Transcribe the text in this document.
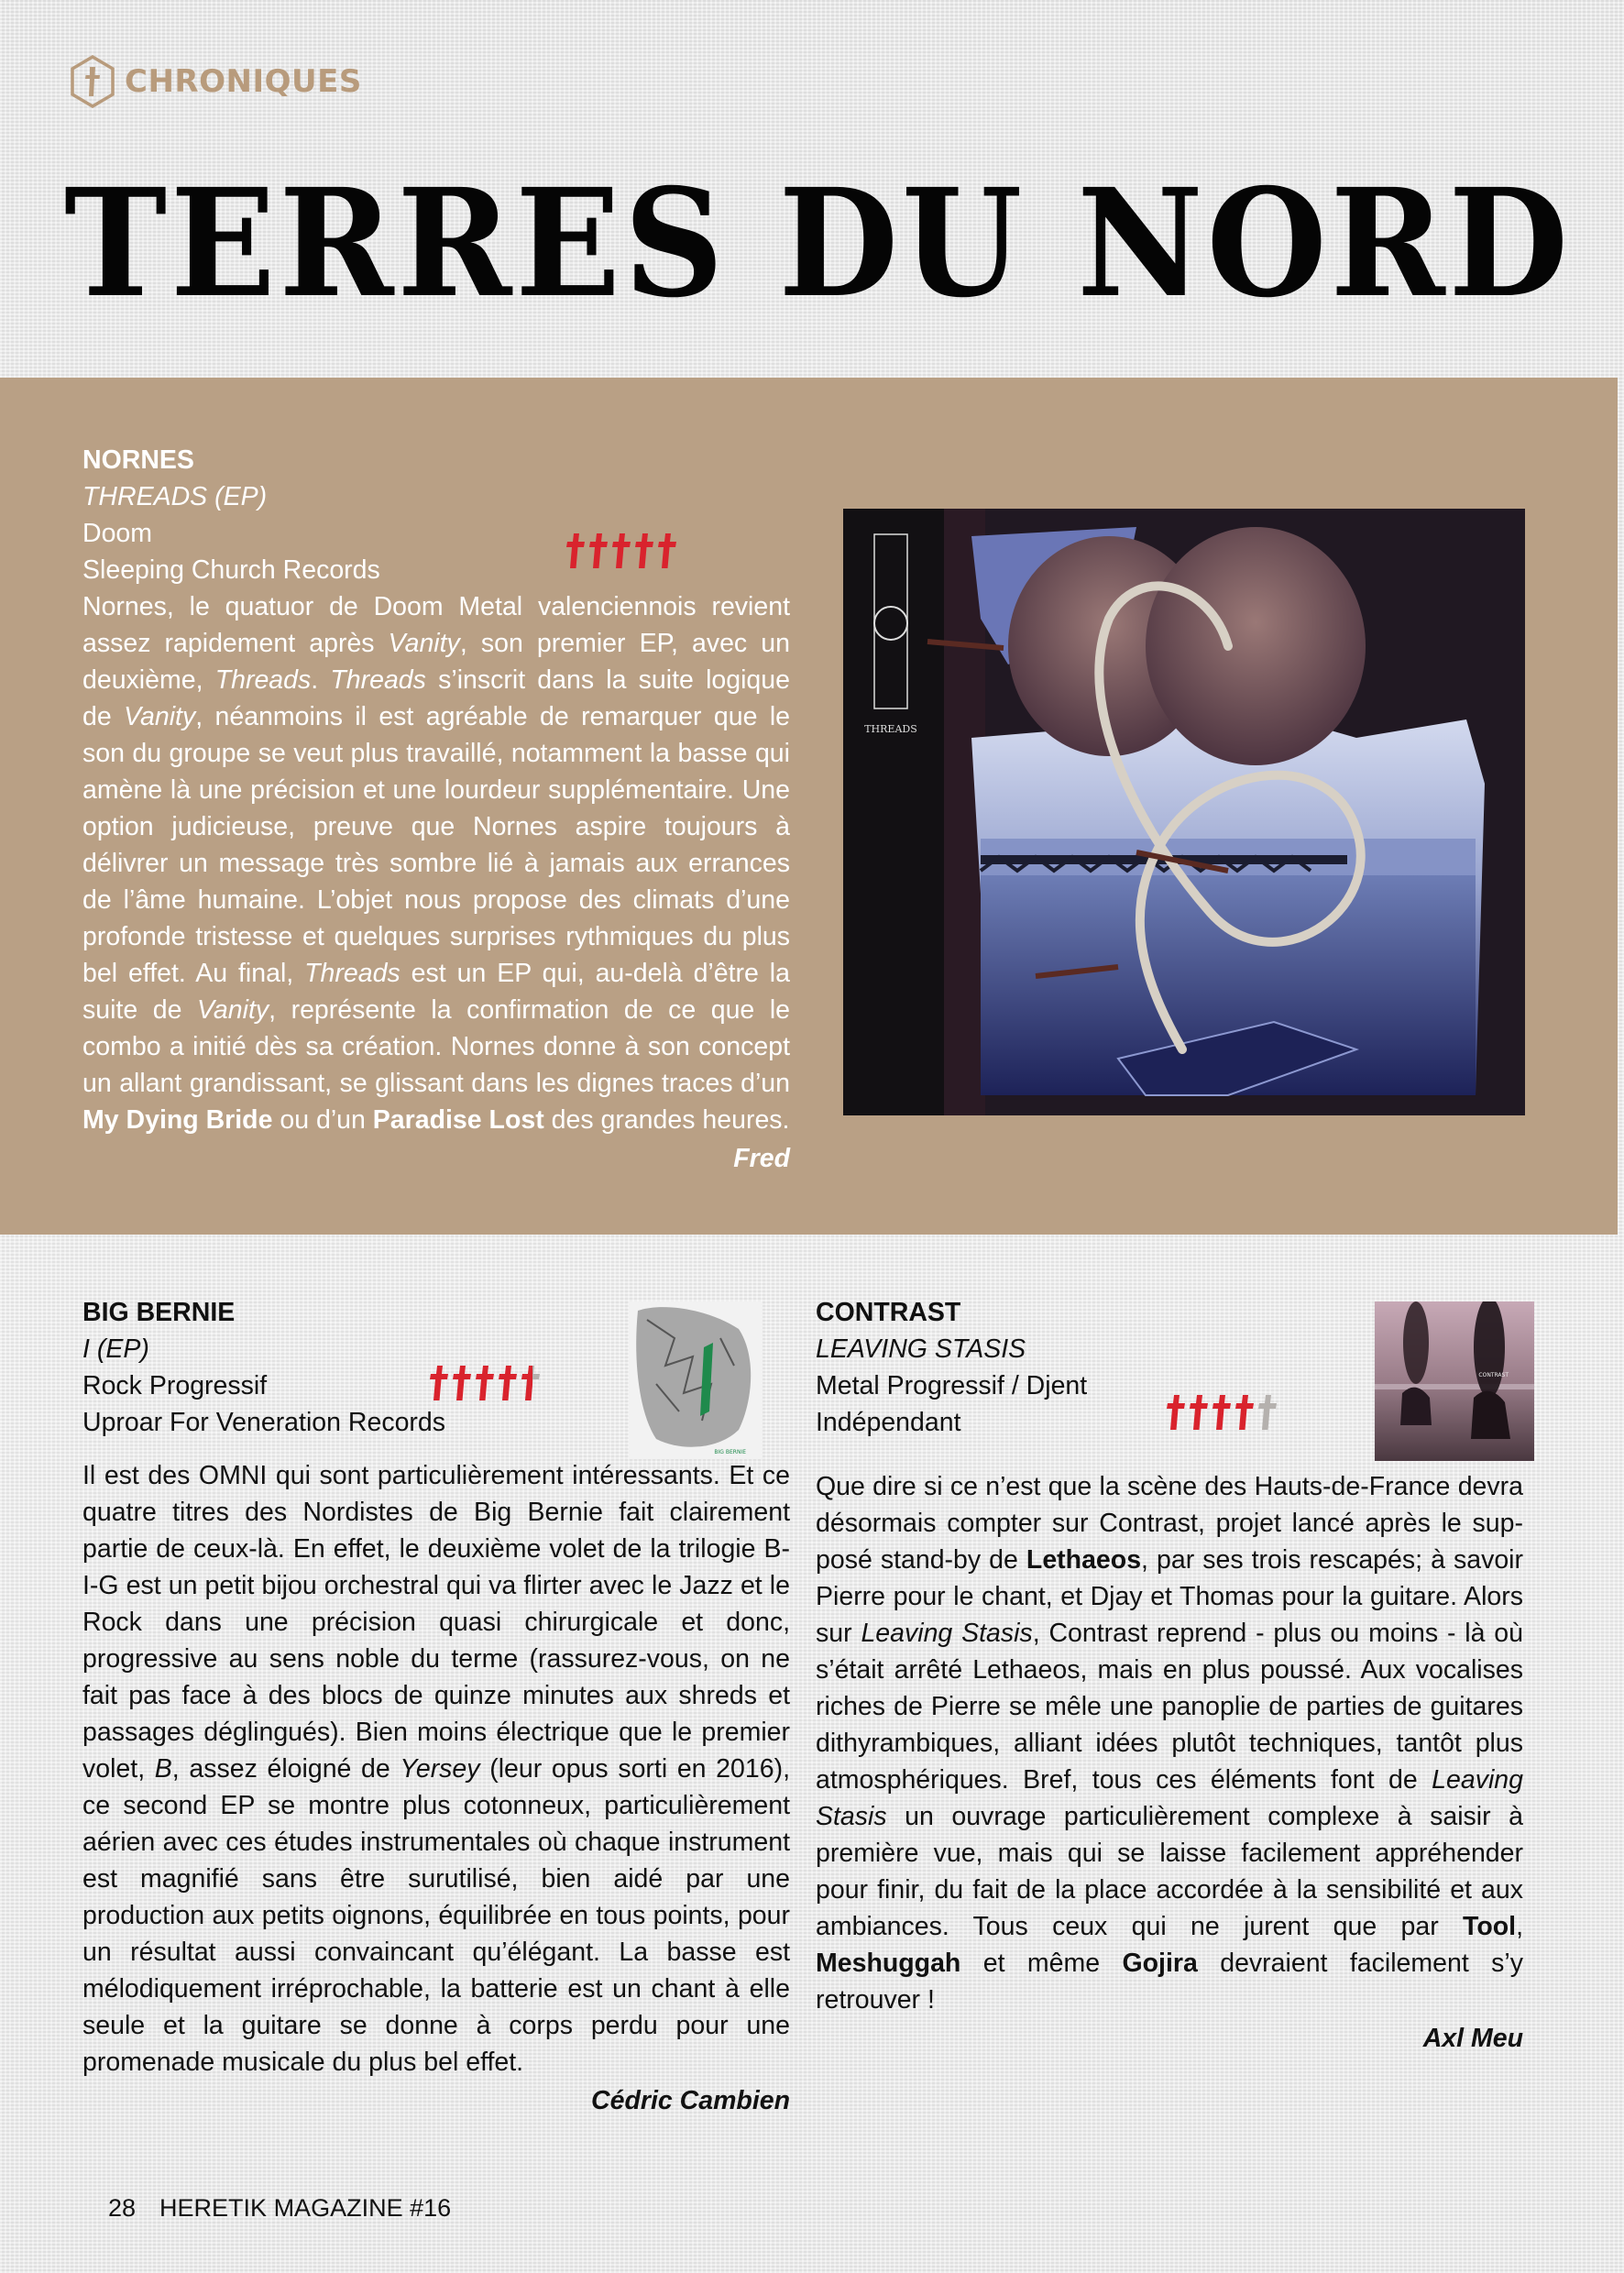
CHRONIQUES
TERRES DU NORD
NORNES
THREADS (EP)
Doom
Sleeping Church Records

Nornes, le quatuor de Doom Metal valenciennois revient assez rapidement après Vanity, son premier EP, avec un deuxième, Threads. Threads s’inscrit dans la suite logique de Vanity, néanmoins il est agréable de remarquer que le son du groupe se veut plus travaillé, notamment la basse qui amène là une précision et une lourdeur supplémentaire. Une option judicieuse, preuve que Nornes aspire toujours à délivrer un message très sombre lié à jamais aux errances de l’âme humaine. L’objet nous propose des climats d’une profonde tristesse et quelques surprises rythmiques du plus bel effet. Au final, Threads est un EP qui, au-delà d’être la suite de Vanity, représente la confirmation de ce que le combo a initié dès sa création. Nornes donne à son concept un allant grandissant, se glissant dans les dignes traces d’un My Dying Bride ou d’un Paradise Lost des grandes heures.

Fred
THREADS
BIG BERNIE
I (EP)
Rock Progressif
Uproar For Veneration Records

Il est des OMNI qui sont particulièrement intéressants. Et ce quatre titres des Nordistes de Big Bernie fait clairement partie de ceux-là. En effet, le deuxième volet de la trilogie B-I-G est un petit bijou orchestral qui va flirter avec le Jazz et le Rock dans une précision quasi chirurgicale et donc, progressive au sens noble du terme (rassurez-vous, on ne fait pas face à des blocs de quinze minutes aux shreds et passages déglingués). Bien moins électrique que le premier volet, B, assez éloigné de Yersey (leur opus sorti en 2016), ce second EP se montre plus cotonneux, particulièrement aérien avec ces études instrumentales où chaque instrument est magnifié sans être surutilisé, bien aidé par une production aux petits oignons, équilibrée en tous points, pour un résultat aussi convaincant qu’élégant. La basse est mélodiquement irréprochable, la batterie est un chant à elle seule et la guitare se donne à corps perdu pour une promenade musicale du plus bel effet.

Cédric Cambien
BIG BERNIE
CONTRAST
LEAVING STASIS
Metal Progressif / Djent
Indépendant

Que dire si ce n’est que la scène des Hauts-de-France devra désormais compter sur Contrast, projet lancé après le supposé stand-by de Lethaeos, par ses trois rescapés; à savoir Pierre pour le chant, et Djay et Thomas pour la guitare. Alors sur Leaving Stasis, Contrast reprend - plus ou moins - là où s’était arrêté Lethaeos, mais en plus poussé. Aux vocalises riches de Pierre se mêle une panoplie de parties de guitares dithyrambiques, alliant idées plutôt techniques, tantôt plus atmosphériques. Bref, tous ces éléments font de Leaving Stasis un ouvrage particulièrement complexe à saisir à première vue, mais qui se laisse facilement appréhender pour finir, du fait de la place accordée à la sensibilité et aux ambiances. Tous ceux qui ne jurent que par Tool, Meshuggah et même Gojira devraient facilement s’y retrouver !

Axl Meu
CONTRAST
28 HERETIK MAGAZINE #16
